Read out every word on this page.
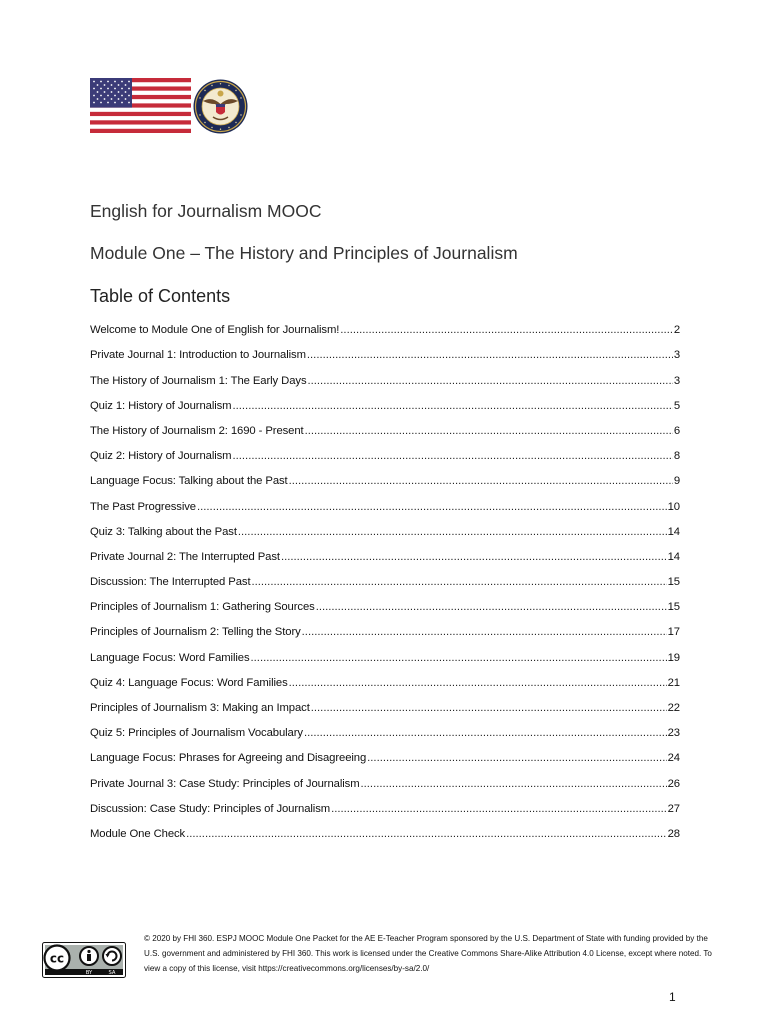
English for Journalism MOOC
Module One – The History and Principles of Journalism
Table of Contents
Welcome to Module One of English for Journalism! .....	2
Private Journal 1: Introduction to Journalism .....	3
The History of Journalism 1: The Early Days .....	3
Quiz 1: History of Journalism .....	5
The History of Journalism 2: 1690 - Present .....	6
Quiz 2: History of Journalism .....	8
Language Focus: Talking about the Past .....	9
The Past Progressive .....	10
Quiz 3: Talking about the Past .....	14
Private Journal 2: The Interrupted Past .....	14
Discussion: The Interrupted Past .....	15
Principles of Journalism 1: Gathering Sources .....	15
Principles of Journalism 2: Telling the Story .....	17
Language Focus: Word Families .....	19
Quiz 4: Language Focus: Word Families .....	21
Principles of Journalism 3: Making an Impact .....	22
Quiz 5: Principles of Journalism Vocabulary .....	23
Language Focus: Phrases for Agreeing and Disagreeing .....	24
Private Journal 3: Case Study: Principles of Journalism .....	26
Discussion: Case Study: Principles of Journalism .....	27
Module One Check .....	28
cc
BY	SA

© 2020 by FHI 360. ESPJ MOOC Module One Packet for the AE E-Teacher Program sponsored by the U.S. Department of State with funding provided by the U.S. government and administered by FHI 360. This work is licensed under the Creative Commons Share-Alike Attribution 4.0 License, except where noted. To view a copy of this license, visit https://creativecommons.org/licenses/by-sa/2.0/

1
